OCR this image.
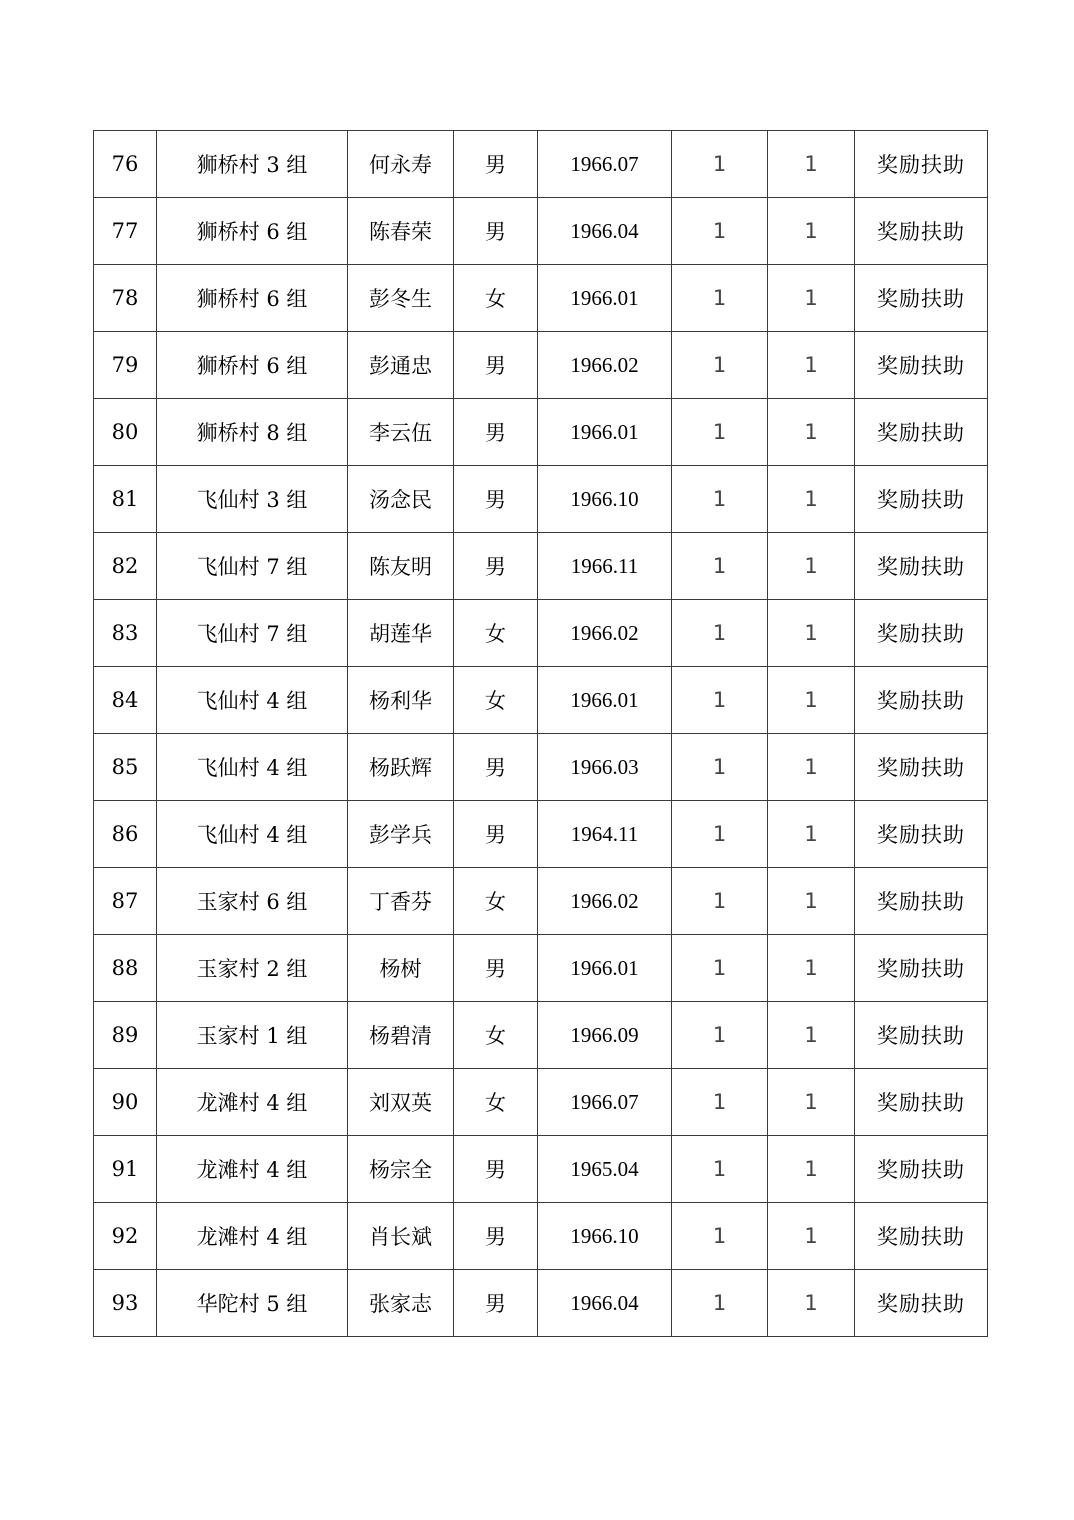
76	狮桥村 3 组	何永寿	男	1966.07	1	1	奖励扶助
77	狮桥村 6 组	陈春荣	男	1966.04	1	1	奖励扶助
78	狮桥村 6 组	彭冬生	女	1966.01	1	1	奖励扶助
79	狮桥村 6 组	彭通忠	男	1966.02	1	1	奖励扶助
80	狮桥村 8 组	李云伍	男	1966.01	1	1	奖励扶助
81	飞仙村 3 组	汤念民	男	1966.10	1	1	奖励扶助
82	飞仙村 7 组	陈友明	男	1966.11	1	1	奖励扶助
83	飞仙村 7 组	胡莲华	女	1966.02	1	1	奖励扶助
84	飞仙村 4 组	杨利华	女	1966.01	1	1	奖励扶助
85	飞仙村 4 组	杨跃辉	男	1966.03	1	1	奖励扶助
86	飞仙村 4 组	彭学兵	男	1964.11	1	1	奖励扶助
87	玉家村 6 组	丁香芬	女	1966.02	1	1	奖励扶助
88	玉家村 2 组	杨树	男	1966.01	1	1	奖励扶助
89	玉家村 1 组	杨碧清	女	1966.09	1	1	奖励扶助
90	龙滩村 4 组	刘双英	女	1966.07	1	1	奖励扶助
91	龙滩村 4 组	杨宗全	男	1965.04	1	1	奖励扶助
92	龙滩村 4 组	肖长斌	男	1966.10	1	1	奖励扶助
93	华陀村 5 组	张家志	男	1966.04	1	1	奖励扶助
